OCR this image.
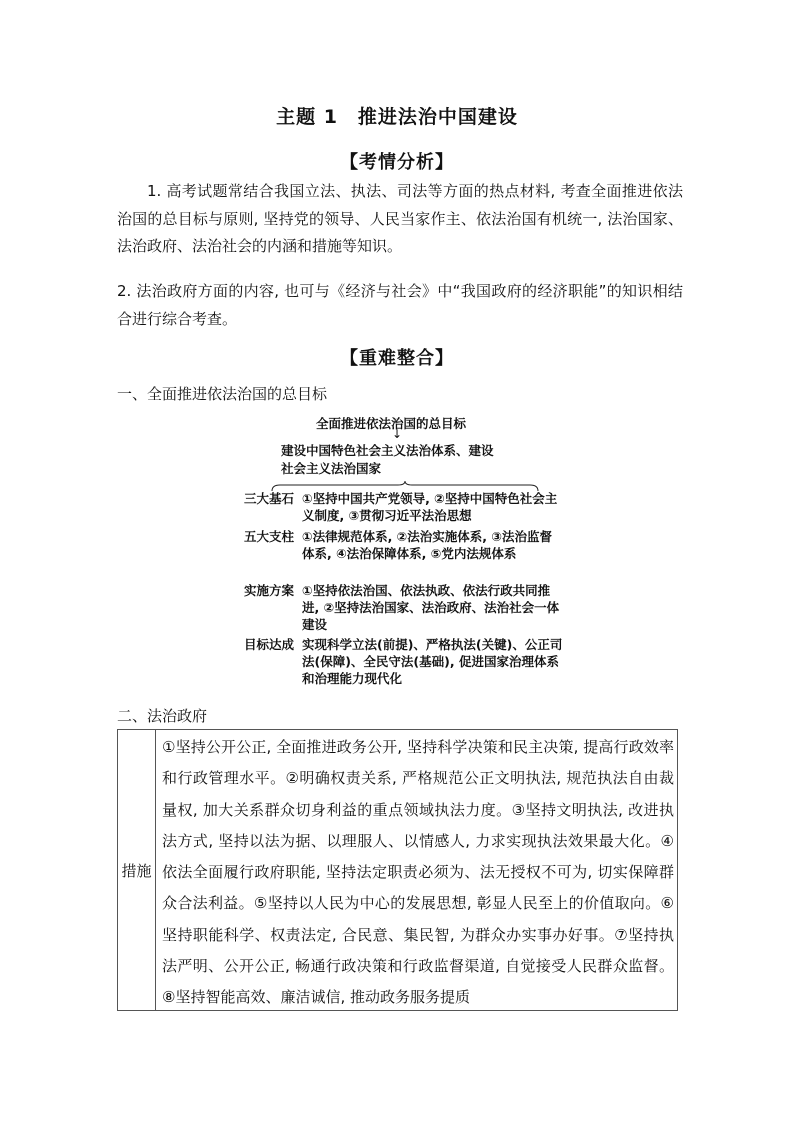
主题 1　推进法治中国建设
【考情分析】

1. 高考试题常结合我国立法、执法、司法等方面的热点材料, 考查全面推进依法治国的总目标与原则, 坚持党的领导、人民当家作主、依法治国有机统一, 法治国家、法治政府、法治社会的内涵和措施等知识。

2. 法治政府方面的内容, 也可与《经济与社会》中“我国政府的经济职能”的知识相结合进行综合考查。

【重难整合】
一、全面推进依法治国的总目标
全面推进依法治国的总目标
↓
建设中国特色社会主义法治体系、建设
社会主义法治国家
三大基石 ①坚持中国共产党领导, ②坚持中国特色社会主义制度, ③贯彻习近平法治思想
五大支柱 ①法律规范体系, ②法治实施体系, ③法治监督体系, ④法治保障体系, ⑤党内法规体系
实施方案 ①坚持依法治国、依法执政、依法行政共同推进, ②坚持法治国家、法治政府、法治社会一体建设
目标达成 实现科学立法(前提)、严格执法(关键)、公正司法(保障)、全民守法(基础), 促进国家治理体系和治理能力现代化
二、法治政府
措施

①坚持公开公正, 全面推进政务公开, 坚持科学决策和民主决策, 提高行政效率和行政管理水平。②明确权责关系, 严格规范公正文明执法, 规范执法自由裁量权, 加大关系群众切身利益的重点领域执法力度。③坚持文明执法, 改进执法方式, 坚持以法为据、以理服人、以情感人, 力求实现执法效果最大化。④依法全面履行政府职能, 坚持法定职责必须为、法无授权不可为, 切实保障群众合法利益。⑤坚持以人民为中心的发展思想, 彰显人民至上的价值取向。⑥坚持职能科学、权责法定, 合民意、集民智, 为群众办实事办好事。⑦坚持执法严明、公开公正, 畅通行政决策和行政监督渠道, 自觉接受人民群众监督。⑧坚持智能高效、廉洁诚信, 推动政务服务提质
